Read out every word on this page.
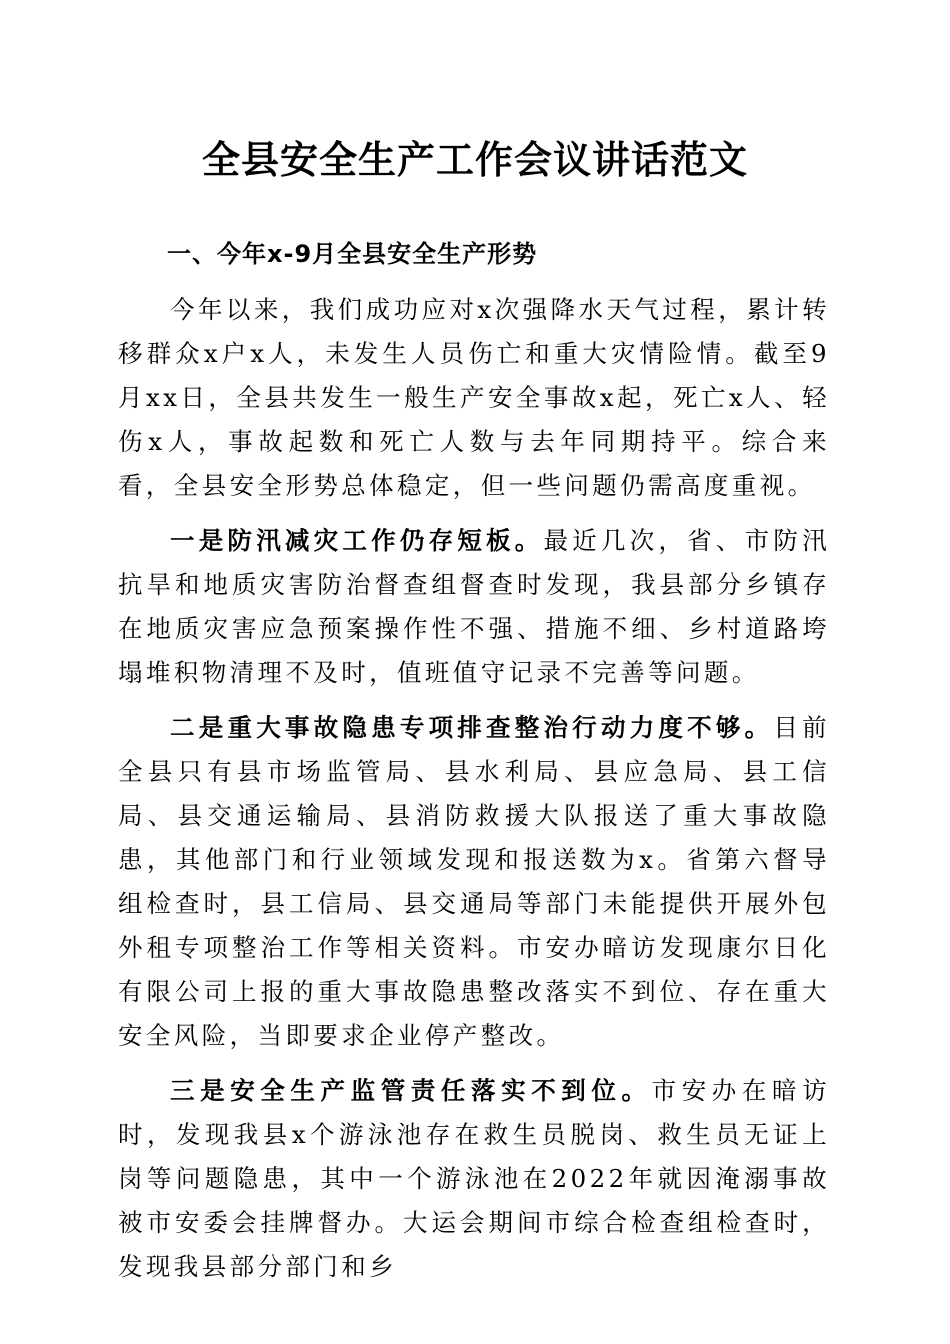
全县安全生产工作会议讲话范文

一、今年x-9月全县安全生产形势

今年以来，我们成功应对x次强降水天气过程，累计转移群众x户x人，未发生人员伤亡和重大灾情险情。截至9月xx日，全县共发生一般生产安全事故x起，死亡x人、轻伤x人，事故起数和死亡人数与去年同期持平。综合来看，全县安全形势总体稳定，但一些问题仍需高度重视。

一是防汛减灾工作仍存短板。最近几次，省、市防汛抗旱和地质灾害防治督查组督查时发现，我县部分乡镇存在地质灾害应急预案操作性不强、措施不细、乡村道路垮塌堆积物清理不及时，值班值守记录不完善等问题。

二是重大事故隐患专项排查整治行动力度不够。目前全县只有县市场监管局、县水利局、县应急局、县工信局、县交通运输局、县消防救援大队报送了重大事故隐患，其他部门和行业领域发现和报送数为x。省第六督导组检查时，县工信局、县交通局等部门未能提供开展外包外租专项整治工作等相关资料。市安办暗访发现康尔日化有限公司上报的重大事故隐患整改落实不到位、存在重大安全风险，当即要求企业停产整改。

三是安全生产监管责任落实不到位。市安办在暗访时，发现我县x个游泳池存在救生员脱岗、救生员无证上岗等问题隐患，其中一个游泳池在2022年就因淹溺事故被市安委会挂牌督办。大运会期间市综合检查组检查时，发现我县部分部门和乡
